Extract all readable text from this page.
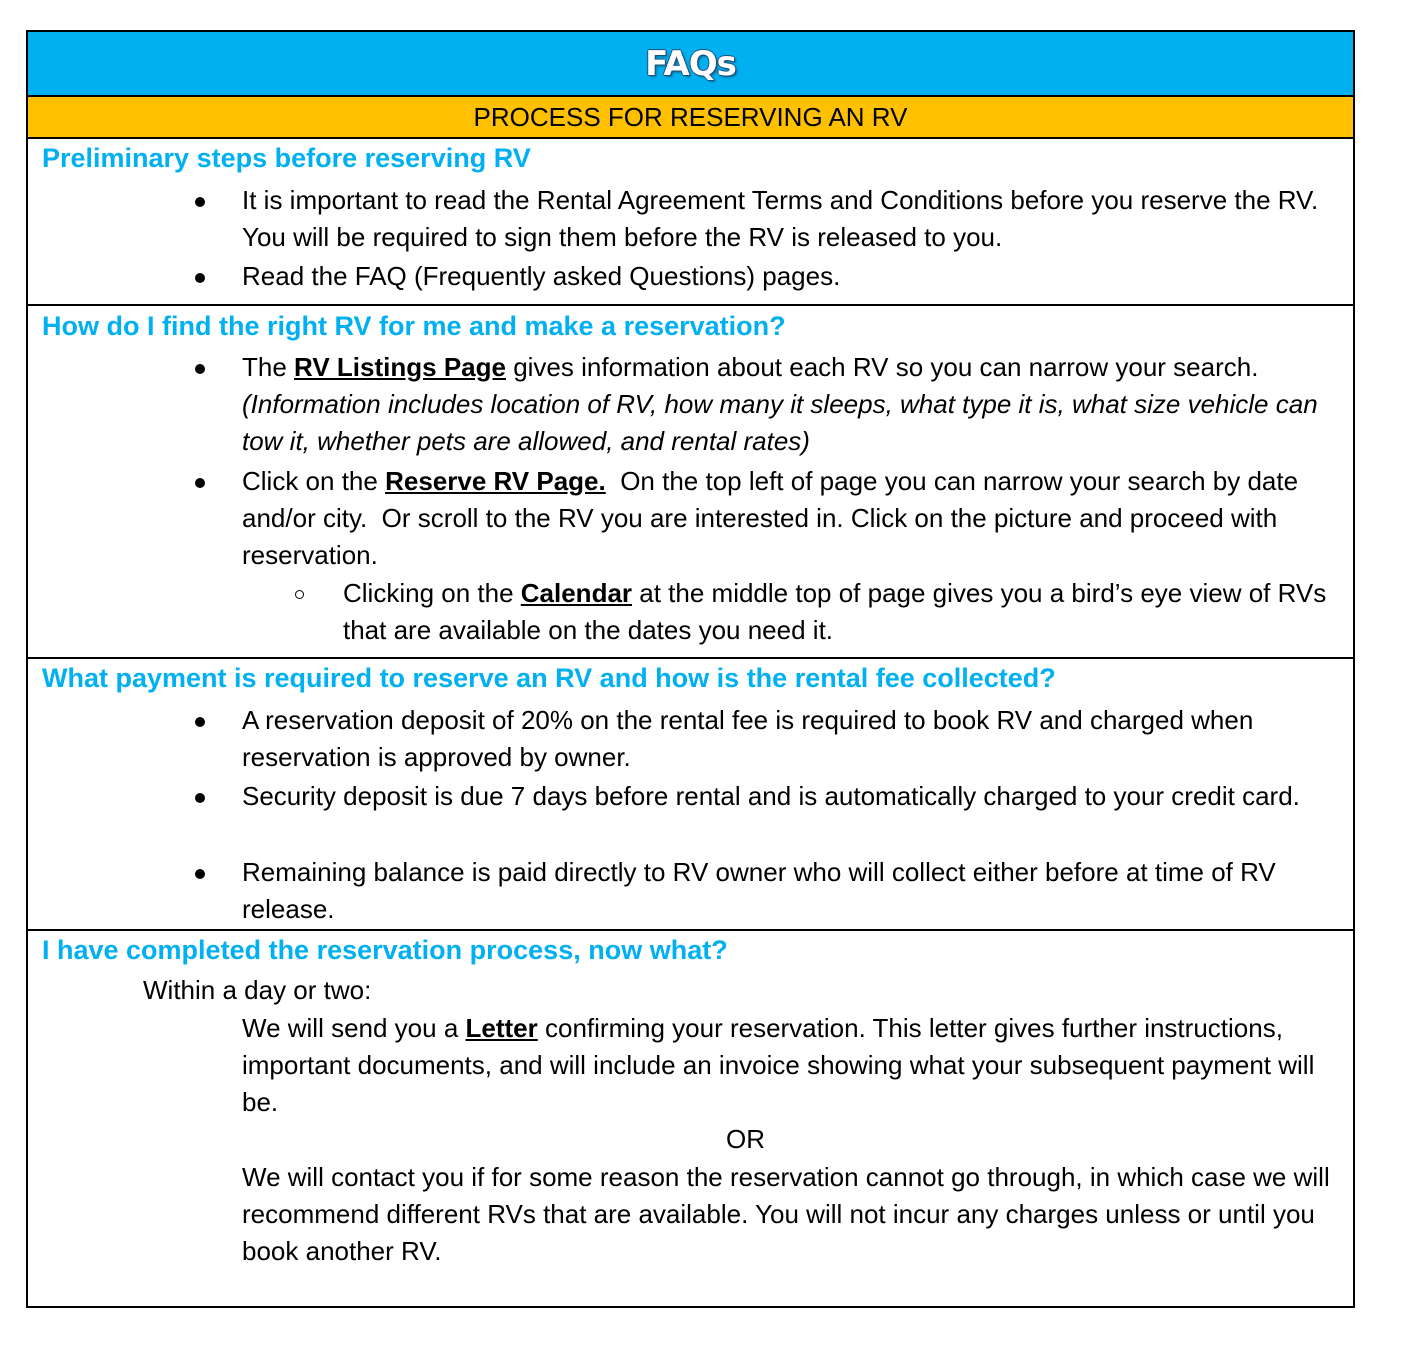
FAQs
PROCESS FOR RESERVING AN RV
Preliminary steps before reserving RV
It is important to read the Rental Agreement Terms and Conditions before you reserve the RV. You will be required to sign them before the RV is released to you.
Read the FAQ (Frequently asked Questions) pages.
How do I find the right RV for me and make a reservation?
The RV Listings Page gives information about each RV so you can narrow your search.
(Information includes location of RV, how many it sleeps, what type it is, what size vehicle can tow it, whether pets are allowed, and rental rates)
Click on the Reserve RV Page.  On the top left of page you can narrow your search by date and/or city.  Or scroll to the RV you are interested in. Click on the picture and proceed with reservation.
Clicking on the Calendar at the middle top of page gives you a bird’s eye view of RVs that are available on the dates you need it.
What payment is required to reserve an RV and how is the rental fee collected?
A reservation deposit of 20% on the rental fee is required to book RV and charged when reservation is approved by owner.
Security deposit is due 7 days before rental and is automatically charged to your credit card.
Remaining balance is paid directly to RV owner who will collect either before at time of RV release.
I have completed the reservation process, now what?
Within a day or two:
We will send you a Letter confirming your reservation. This letter gives further instructions, important documents, and will include an invoice showing what your subsequent payment will be.
OR
We will contact you if for some reason the reservation cannot go through, in which case we will recommend different RVs that are available. You will not incur any charges unless or until you book another RV.
